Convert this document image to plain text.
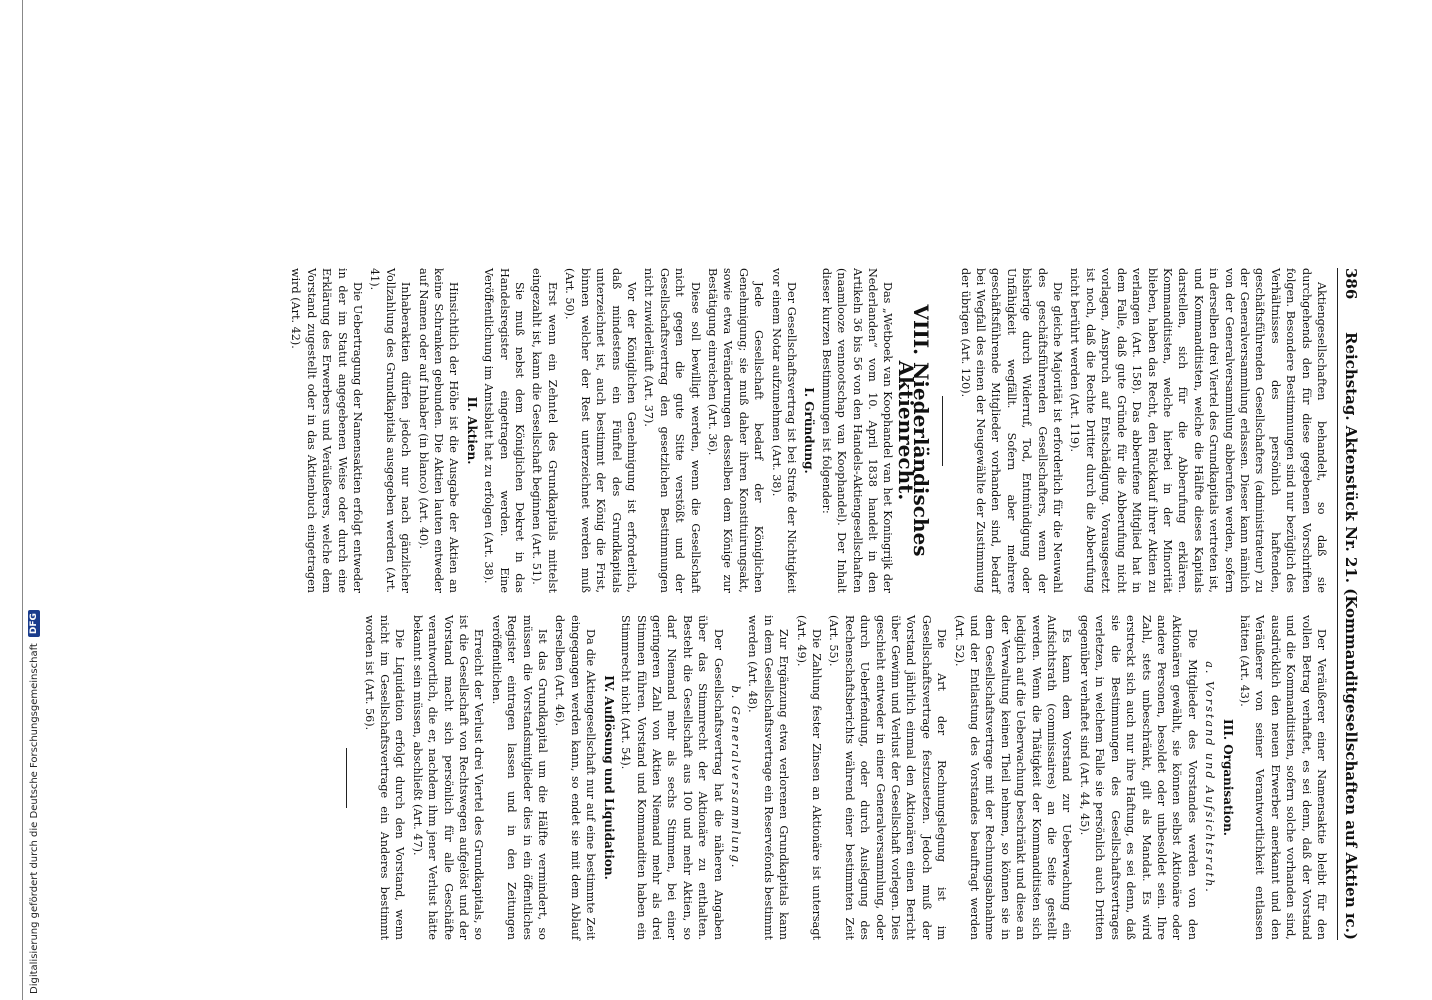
386
Reichstag. Aktenstück Nr. 21. (Kommanditgesellschaften auf Aktien ɪc.)

Aktiengesellschaften behandelt, so daß sie durchgehends den für diese gegebenen Vorschriften folgen. Besondere Bestimmungen sind nur bezüglich des Verhältnisses des persönlich haftenden, geschäftsführenden Gesellschafters (administrateur) zu der Generalversammlung erlassen. Dieser kann nämlich von der Generalversammlung abberufen werden, sofern in derselben drei Viertel des Grundkapitals vertreten ist, und Kommanditisten, welche die Hälfte dieses Kapitals darstellen, sich für die Abberufung erklären. Kommanditisten, welche hierbei in der Minorität blieben, haben das Recht, den Rückkauf ihrer Aktien zu verlangen (Art. 158). Das abberufene Mitglied hat in dem Falle, daß gute Gründe für die Abberufung nicht vorlagen, Anspruch auf Entschädigung. Vorausgesetzt ist noch, daß die Rechte Dritter durch die Abberufung nicht berührt werden (Art. 119).

Die gleiche Majorität ist erforderlich für die Neuwahl des geschäftsführenden Gesellschafters, wenn der bisherige durch Widerruf, Tod, Entmündigung oder Unfähigkeit wegfällt. Sofern aber mehrere geschäftsführende Mitglieder vorhanden sind, bedarf bei Wegfall des einen der Neugewählte der Zustimmung der übrigen (Art. 120).

VIII. Niederländisches Aktienrecht.

Das „Wetboek van Koophandel van het Koningrijk der Nederlanden“ vom 10. April 1838 handelt in den Artikeln 36 bis 56 von den Handels-Aktiengesellschaften (naamlooze vennootschap van Koophandel). Der Inhalt dieser kurzen Bestimmungen ist folgender:

I. Gründung.

Der Gesellschaftsvertrag ist bei Strafe der Nichtigkeit vor einem Notar aufzunehmen (Art. 38).

Jede Gesellschaft bedarf der Königlichen Genehmigung; sie muß daher ihren Konstituirungsakt, sowie etwa Veränderungen desselben dem Könige zur Bestätigung einreichen (Art. 36).

Diese soll bewilligt werden, wenn die Gesellschaft nicht gegen die gute Sitte verstößt und der Gesellschaftsvertrag den gesetzlichen Bestimmungen nicht zuwiderläuft (Art. 37).

Vor der Königlichen Genehmigung ist erforderlich, daß mindestens ein Fünftel des Grundkapitals unterzeichnet ist, auch bestimmt der König die Frist, binnen welcher der Rest unterzeichnet werden muß (Art. 50).

Erst wenn ein Zehntel des Grundkapitals mittelst eingezahlt ist, kann die Gesellschaft beginnen (Art. 51).

Sie muß nebst dem Königlichen Dekret in das Handelsregister eingetragen werden. Eine Veröffentlichung im Amtsblatt hat zu erfolgen (Art. 38).

II. Aktien.

Hinsichtlich der Höhe ist die Ausgabe der Aktien an keine Schranken gebunden. Die Aktien lauten entweder auf Namen oder auf Inhaber (in blanco) (Art. 40).

Inhaberaktien dürfen jedoch nur nach gänzlicher Vollzahlung des Grundkapitals ausgegeben werden (Art. 41).

Die Uebertragung der Namensaktien erfolgt entweder in der im Statut angegebenen Weise oder durch eine Erklärung des Erwerbers und Veräußerers, welche dem Vorstand zugestellt oder in das Aktienbuch eingetragen wird (Art. 42).

Der Veräußerer einer Namensaktie bleibt für den vollen Betrag verhaftet, es sei denn, daß der Vorstand und die Kommanditisten, sofern solche vorhanden sind, ausdrücklich den neuen Erwerber anerkannt und den Veräußerer von seiner Verantwortlichkeit entlassen hätten (Art. 43).

III. Organisation.

a. Vorstand und Aufsichtsrath.

Die Mitglieder des Vorstandes werden von den Aktionären gewählt, sie können selbst Aktionäre oder andere Personen, besoldet oder unbesoldet sein. Ihre Zahl, stets unbeschränkt, gilt als Mandat. Es wird erstreckt sich auch nur ihre Haftung, es sei denn, daß sie die Bestimmungen des Gesellschaftsvertrages verletzen, in welchem Falle sie persönlich auch Dritten gegenüber verhaftet sind (Art. 44, 45).

Es kann dem Vorstand zur Ueberwachung ein Aufsichtsrath (commissaires) an die Seite gestellt werden. Wenn die Thätigkeit der Kommanditisten sich lediglich auf die Ueberwachung beschränkt und diese an der Verwaltung keinen Theil nehmen, so können sie in dem Gesellschaftsvertrage mit der Rechnungsabnahme und der Entlastung des Vorstandes beauftragt werden (Art. 52).

Die Art der Rechnungslegung ist im Gesellschaftsvertrage festzusetzen. Jedoch muß der Vorstand jährlich einmal den Aktionären einen Bericht über Gewinn und Verlust der Gesellschaft vorlegen. Dies geschieht entweder in einer Generalversammlung, oder durch Ueberfendung, oder durch Auslegung des Rechenschaftsberichts während einer bestimmten Zeit (Art. 55).

Die Zahlung fester Zinsen an Aktionäre ist untersagt (Art. 49).

Zur Ergänzung etwa verlorenen Grundkapitals kann in dem Gesellschaftsvertrage ein Reservefonds bestimmt werden (Art. 48).

b. Generalversammlung.

Der Gesellschaftsvertrag hat die näheren Angaben über das Stimmrecht der Aktionäre zu enthalten. Besteht die Gesellschaft aus 100 und mehr Aktien, so darf Niemand mehr als sechs Stimmen, bei einer geringeren Zahl von Aktien Niemand mehr als drei Stimmen führen. Vorstand und Kommanditen haben ein Stimmrecht nicht (Art. 54).

IV. Auflösung und Liquidation.

Da die Aktiengesellschaft nur auf eine bestimmte Zeit eingegangen werden kann, so endet sie mit dem Ablauf derselben (Art. 46).

Ist das Grundkapital um die Hälfte vermindert, so müssen die Vorstandsmitglieder dies in ein öffentliches Register eintragen lassen und in den Zeitungen veröffentlichen.

Erreicht der Verlust drei Viertel des Grundkapitals, so ist die Gesellschaft von Rechtswegen aufgelöst und der Vorstand macht sich persönlich für alle Geschäfte verantwortlich, die er, nachdem ihm jener Verlust hätte bekannt sein müssen, abschließt (Art. 47).

Die Liquidation erfolgt durch den Vorstand, wenn nicht im Gesellschaftsvertrage ein Anderes bestimmt worden ist (Art. 56).

Digitalisierung gefördert durch die Deutsche Forschungsgemeinschaft
DFG
